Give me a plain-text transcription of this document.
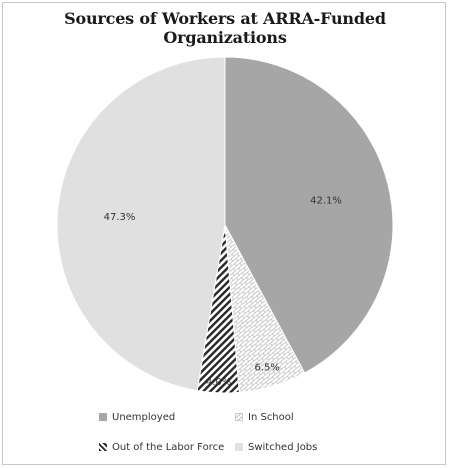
Sources of Workers at ARRA-Funded Organizations
42.1%
6.5%
4.0%
47.3%
Unemployed	In School
Out of the Labor Force Switched Jobs
